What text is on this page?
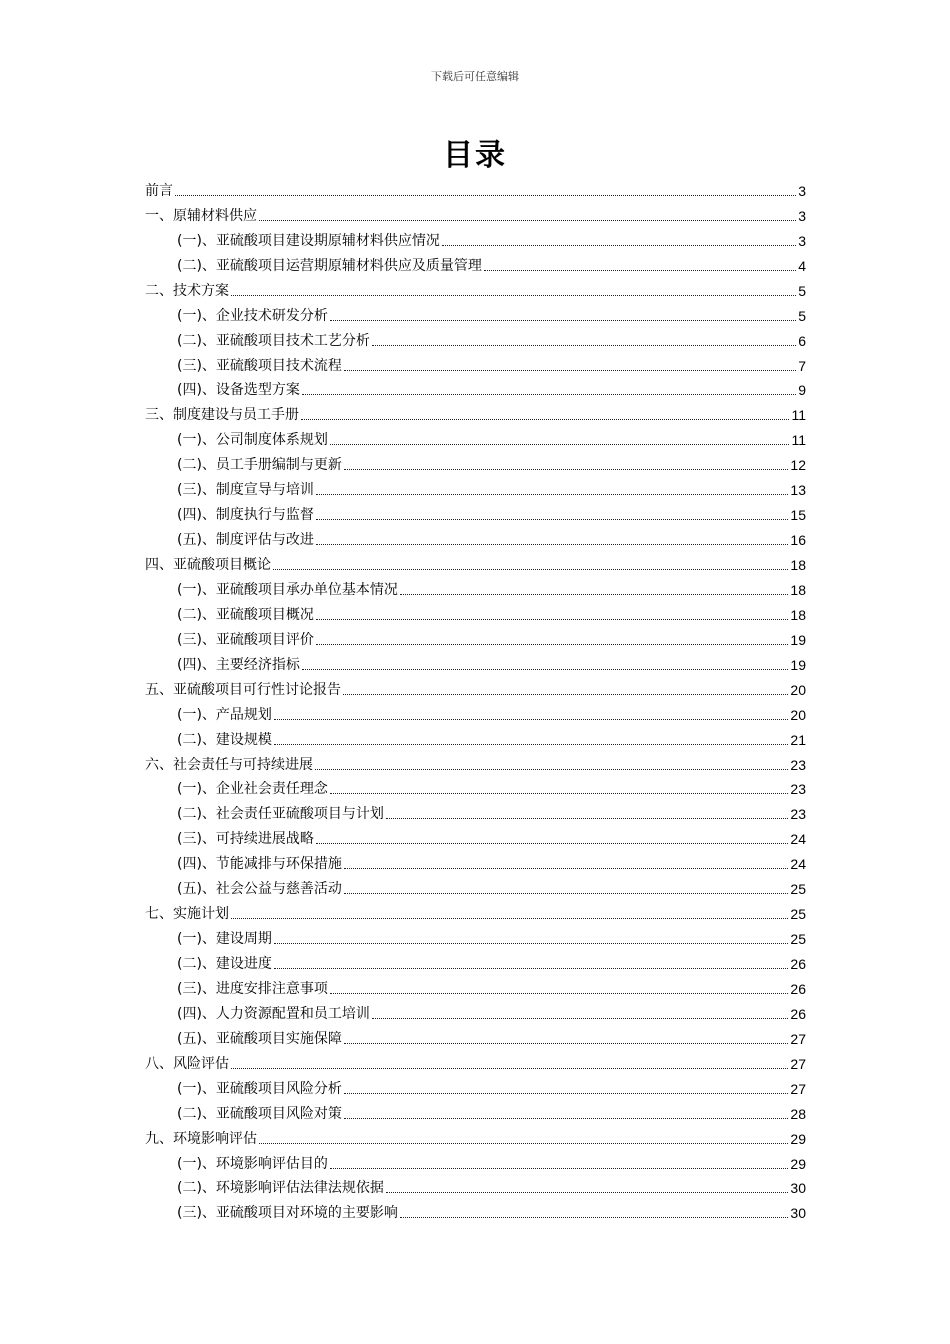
下载后可任意编辑
目录
前言	3
一、原辅材料供应	3
(一)、亚硫酸项目建设期原辅材料供应情况	3
(二)、亚硫酸项目运营期原辅材料供应及质量管理	4
二、技术方案	5
(一)、企业技术研发分析	5
(二)、亚硫酸项目技术工艺分析	6
(三)、亚硫酸项目技术流程	7
(四)、设备选型方案	9
三、制度建设与员工手册	11
(一)、公司制度体系规划	11
(二)、员工手册编制与更新	12
(三)、制度宣导与培训	13
(四)、制度执行与监督	15
(五)、制度评估与改进	16
四、亚硫酸项目概论	18
(一)、亚硫酸项目承办单位基本情况	18
(二)、亚硫酸项目概况	18
(三)、亚硫酸项目评价	19
(四)、主要经济指标	19
五、亚硫酸项目可行性讨论报告	20
(一)、产品规划	20
(二)、建设规模	21
六、社会责任与可持续进展	23
(一)、企业社会责任理念	23
(二)、社会责任亚硫酸项目与计划	23
(三)、可持续进展战略	24
(四)、节能减排与环保措施	24
(五)、社会公益与慈善活动	25
七、实施计划	25
(一)、建设周期	25
(二)、建设进度	26
(三)、进度安排注意事项	26
(四)、人力资源配置和员工培训	26
(五)、亚硫酸项目实施保障	27
八、风险评估	27
(一)、亚硫酸项目风险分析	27
(二)、亚硫酸项目风险对策	28
九、环境影响评估	29
(一)、环境影响评估目的	29
(二)、环境影响评估法律法规依据	30
(三)、亚硫酸项目对环境的主要影响	30
